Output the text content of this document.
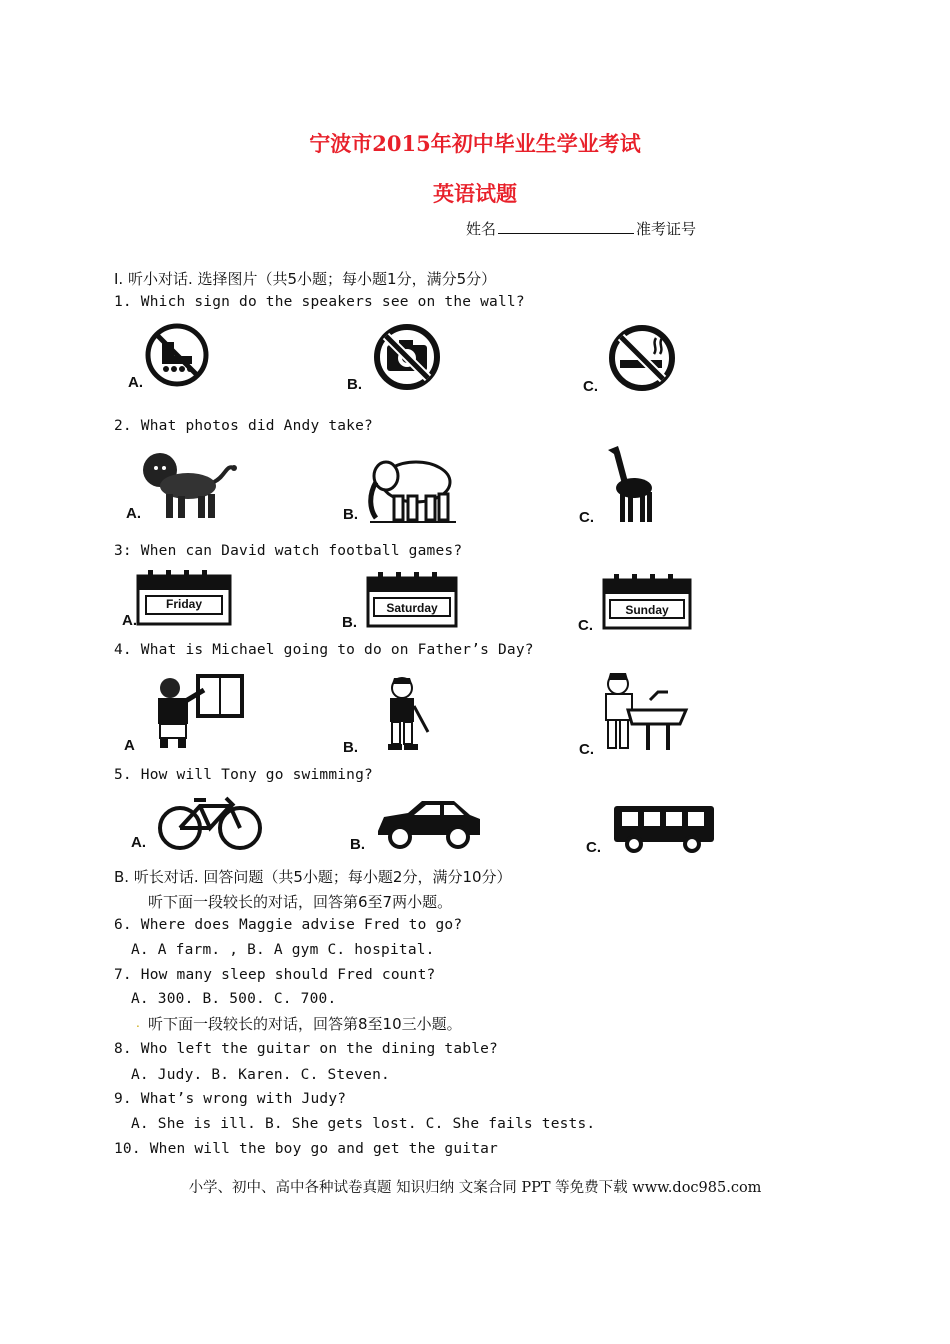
宁波市2015年初中毕业生学业考试
英语试题
姓名	准考证号
I. 听小对话. 选择图片（共5小题；每小题1分，满分5分）
1. Which sign do the speakers see on the wall?
A.	B.	C.
2. What photos did Andy take?
A.	B.	C.
3: When can David watch football games?
A.	B.	C.
Friday	Saturday	Sunday
4. What is Michael going to do on Father’s Day?
A	B.	C.
5. How will Tony go swimming?
A.	B.	C.
B. 听长对话. 回答问题（共5小题；每小题2分，满分10分）
听下面一段较长的对话，回答第6至7两小题。
6. Where does Maggie advise Fred to go?
A. A farm. , B. A gym C. hospital.
7. How many sleep should Fred count?
A. 300. B. 500. C. 700.
. 听下面一段较长的对话，回答第8至10三小题。
8. Who left the guitar on the dining table?
A. Judy. B. Karen. C. Steven.
9. What’s wrong with Judy?
A. She is ill. B. She gets lost. C. She fails tests.
10. When will the boy go and get the guitar
小学、初中、高中各种试卷真题 知识归纳 文案合同 PPT 等免费下载 www.doc985.com
